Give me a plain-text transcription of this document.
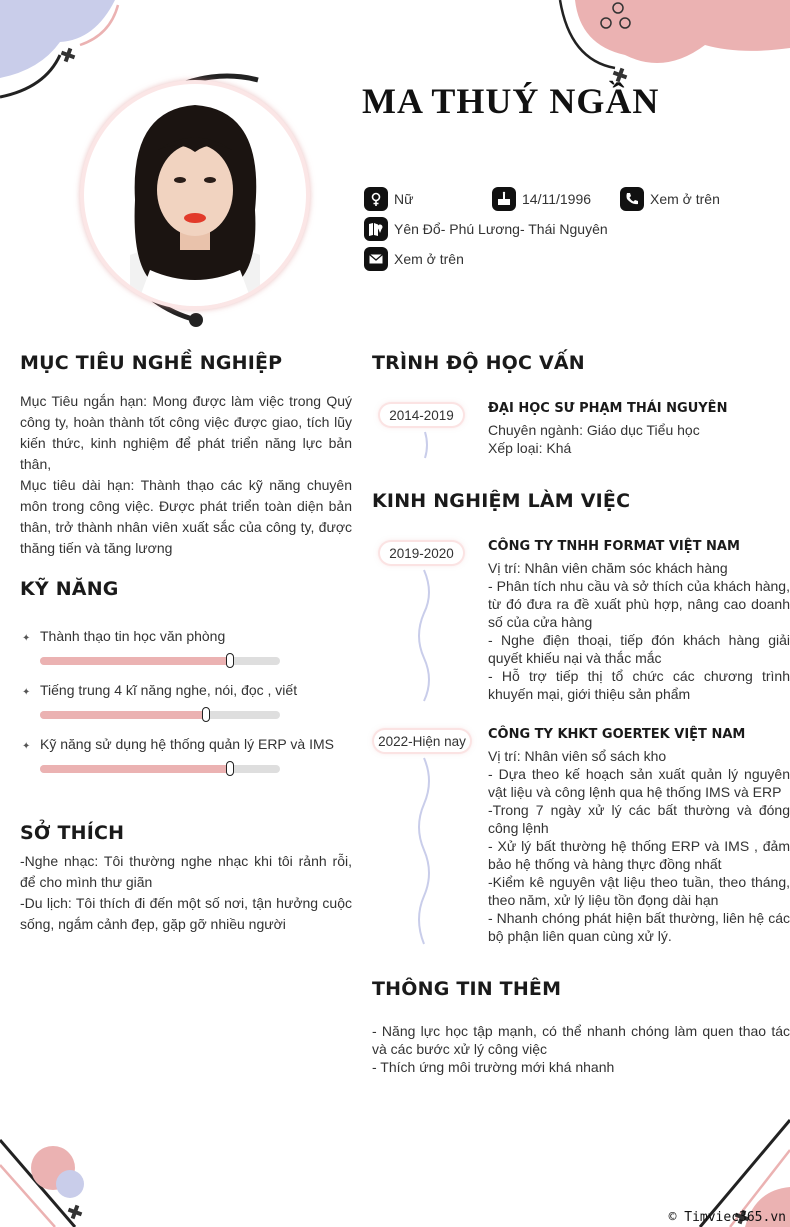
MA THUÝ NGẦN
Nữ	14/11/1996	Xem ở trên
Yên Đổ- Phú Lương- Thái Nguyên
Xem ở trên
MỤC TIÊU NGHỀ NGHIỆP

Mục Tiêu ngắn hạn: Mong được làm việc trong Quý công ty, hoàn thành tốt công việc được giao, tích lũy kiến thức, kinh nghiệm để phát triển năng lực bản thân,

Mục tiêu dài hạn: Thành thạo các kỹ năng chuyên môn trong công việc. Được phát triển toàn diện bản thân, trở thành nhân viên xuất sắc của công ty, được thăng tiến và tăng lương

KỸ NĂNG
✦ Thành thạo tin học văn phòng
✦ Tiếng trung 4 kĩ năng nghe, nói, đọc , viết
✦ Kỹ năng sử dụng hệ thống quản lý ERP và IMS
SỞ THÍCH

-Nghe nhạc: Tôi thường nghe nhạc khi tôi rảnh rỗi, để cho mình thư giãn

-Du lịch: Tôi thích đi đến một số nơi, tận hưởng cuộc sống, ngắm cảnh đẹp, gặp gỡ nhiều người

TRÌNH ĐỘ HỌC VẤN
2014-2019	ĐẠI HỌC SƯ PHẠM THÁI NGUYÊN

Chuyên ngành: Giáo dục Tiểu học

Xếp loại: Khá

KINH NGHIỆM LÀM VIỆC
2019-2020	CÔNG TY TNHH FORMAT VIỆT NAM

Vị trí: Nhân viên chăm sóc khách hàng

- Phân tích nhu cầu và sở thích của khách hàng, từ đó đưa ra đề xuất phù hợp, nâng cao doanh số của cửa hàng

- Nghe điện thoại, tiếp đón khách hàng giải quyết khiếu nại và thắc mắc

- Hỗ trợ tiếp thị tổ chức các chương trình khuyến mại, giới thiệu sản phẩm

2022-Hiện nay	CÔNG TY KHKT GOERTEK VIỆT NAM

Vị trí: Nhân viên sổ sách kho

- Dựa theo kế hoạch sản xuất quản lý nguyên vật liệu và công lệnh qua hệ thống IMS và ERP

-Trong 7 ngày xử lý các bất thường và đóng công lệnh

- Xử lý bất thường hệ thống ERP và IMS , đảm bảo hệ thống và hàng thực đồng nhất

-Kiểm kê nguyên vật liệu theo tuần, theo tháng, theo năm, xử lý liệu tồn đọng dài hạn

- Nhanh chóng phát hiện bất thường, liên hệ các bộ phận liên quan cùng xử lý.

THÔNG TIN THÊM

- Năng lực học tập mạnh, có thể nhanh chóng làm quen thao tác và các bước xử lý công việc

- Thích ứng môi trường mới khá nhanh

© Timviec365.vn
